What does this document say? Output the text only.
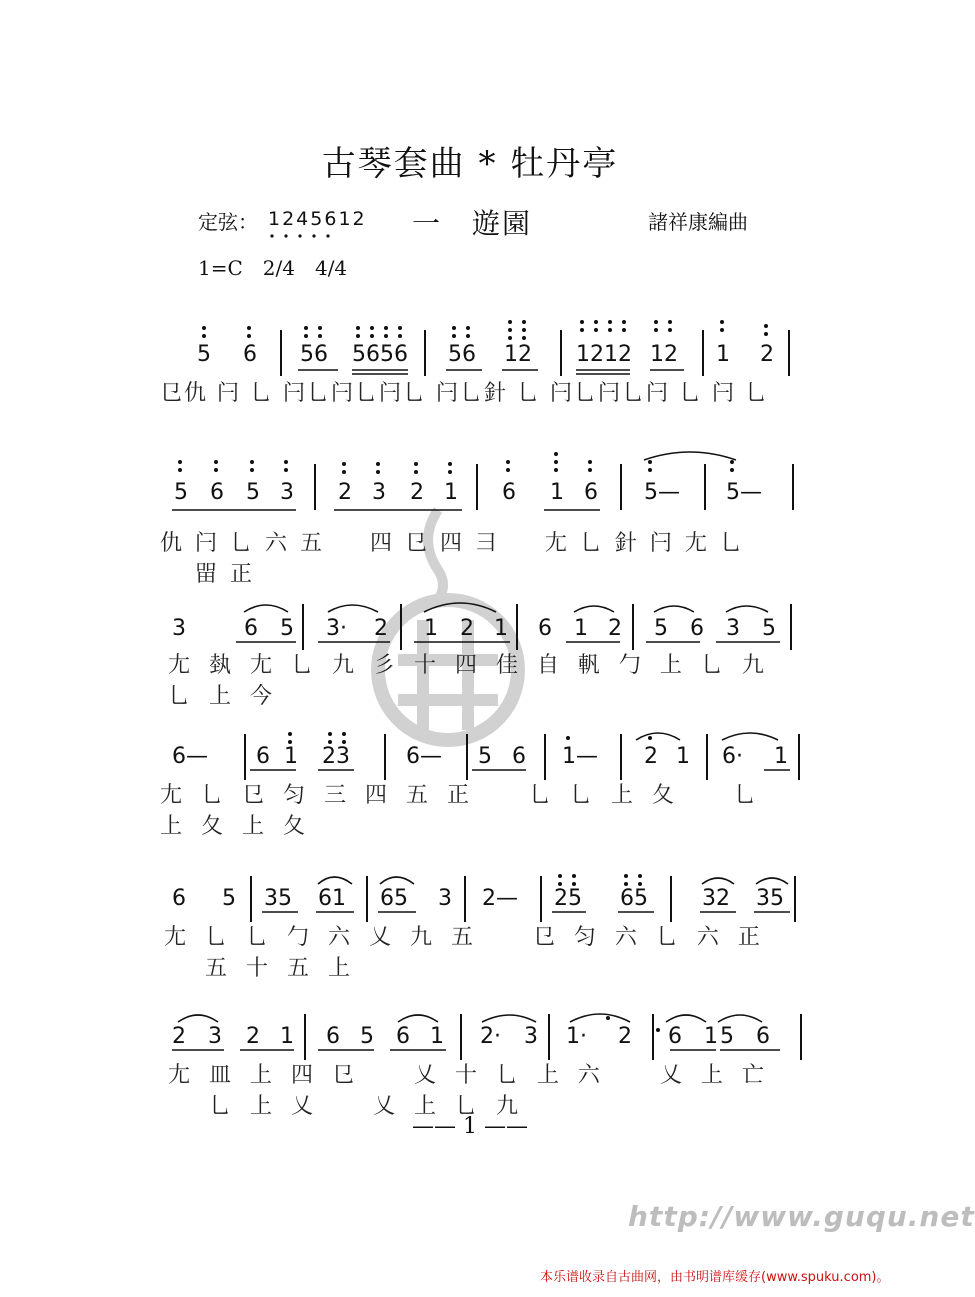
古琴套曲 * 牡丹亭
定弦： 1245612 一　遊園	諸祥康編曲
1=C　2/4　4/4
5 6 56 5656 56 12 1212 12 1 2
㔾仇 闩 乚 闩乚闩乚闩乚 闩乚針 乚 闩乚闩乚闩 乚 闩 乚
5 6 5 3 2 3 2 1 6 1 6 5— 5—
仇 闩 乚 六 五 　 四 㔾 四 彐 　 尢 乚 針 闩 尢 乚 　 㽞 正
3	6 5 3· 2 1 2 1 6 1 2 5 6 3 5
尢 埶 尢 乚 九 彡 十 四 佳 自 軓 勹 上 乚 九 乚 上 今
6— 6 1 23	6— 5 6 1— 2 1 6· 1
尢 乚 㔾 匀 三 四 五 正 　 乚 乚 上 夂 　 乚 上 夂 上 夂
6 5 35 61 65 3 2— 25 65 32 35
尢 乚 乚 勹 六 乂 九 五 　 㔾 匀 六 乚 六 正 　 五 十 五 上
2 3 2 1 6 5 6 1 2· 3 1· 2 6 1 5 6
尢 皿 上 四 㔾 　 乂 十 乚 上 六 　 乂 上 亡 　 乚 上 乂 　 乂 上 乚 九
—— 1 ——
http://www.guqu.net
本乐谱收录自古曲网，由书明谱库缓存(www.spuku.com)。
